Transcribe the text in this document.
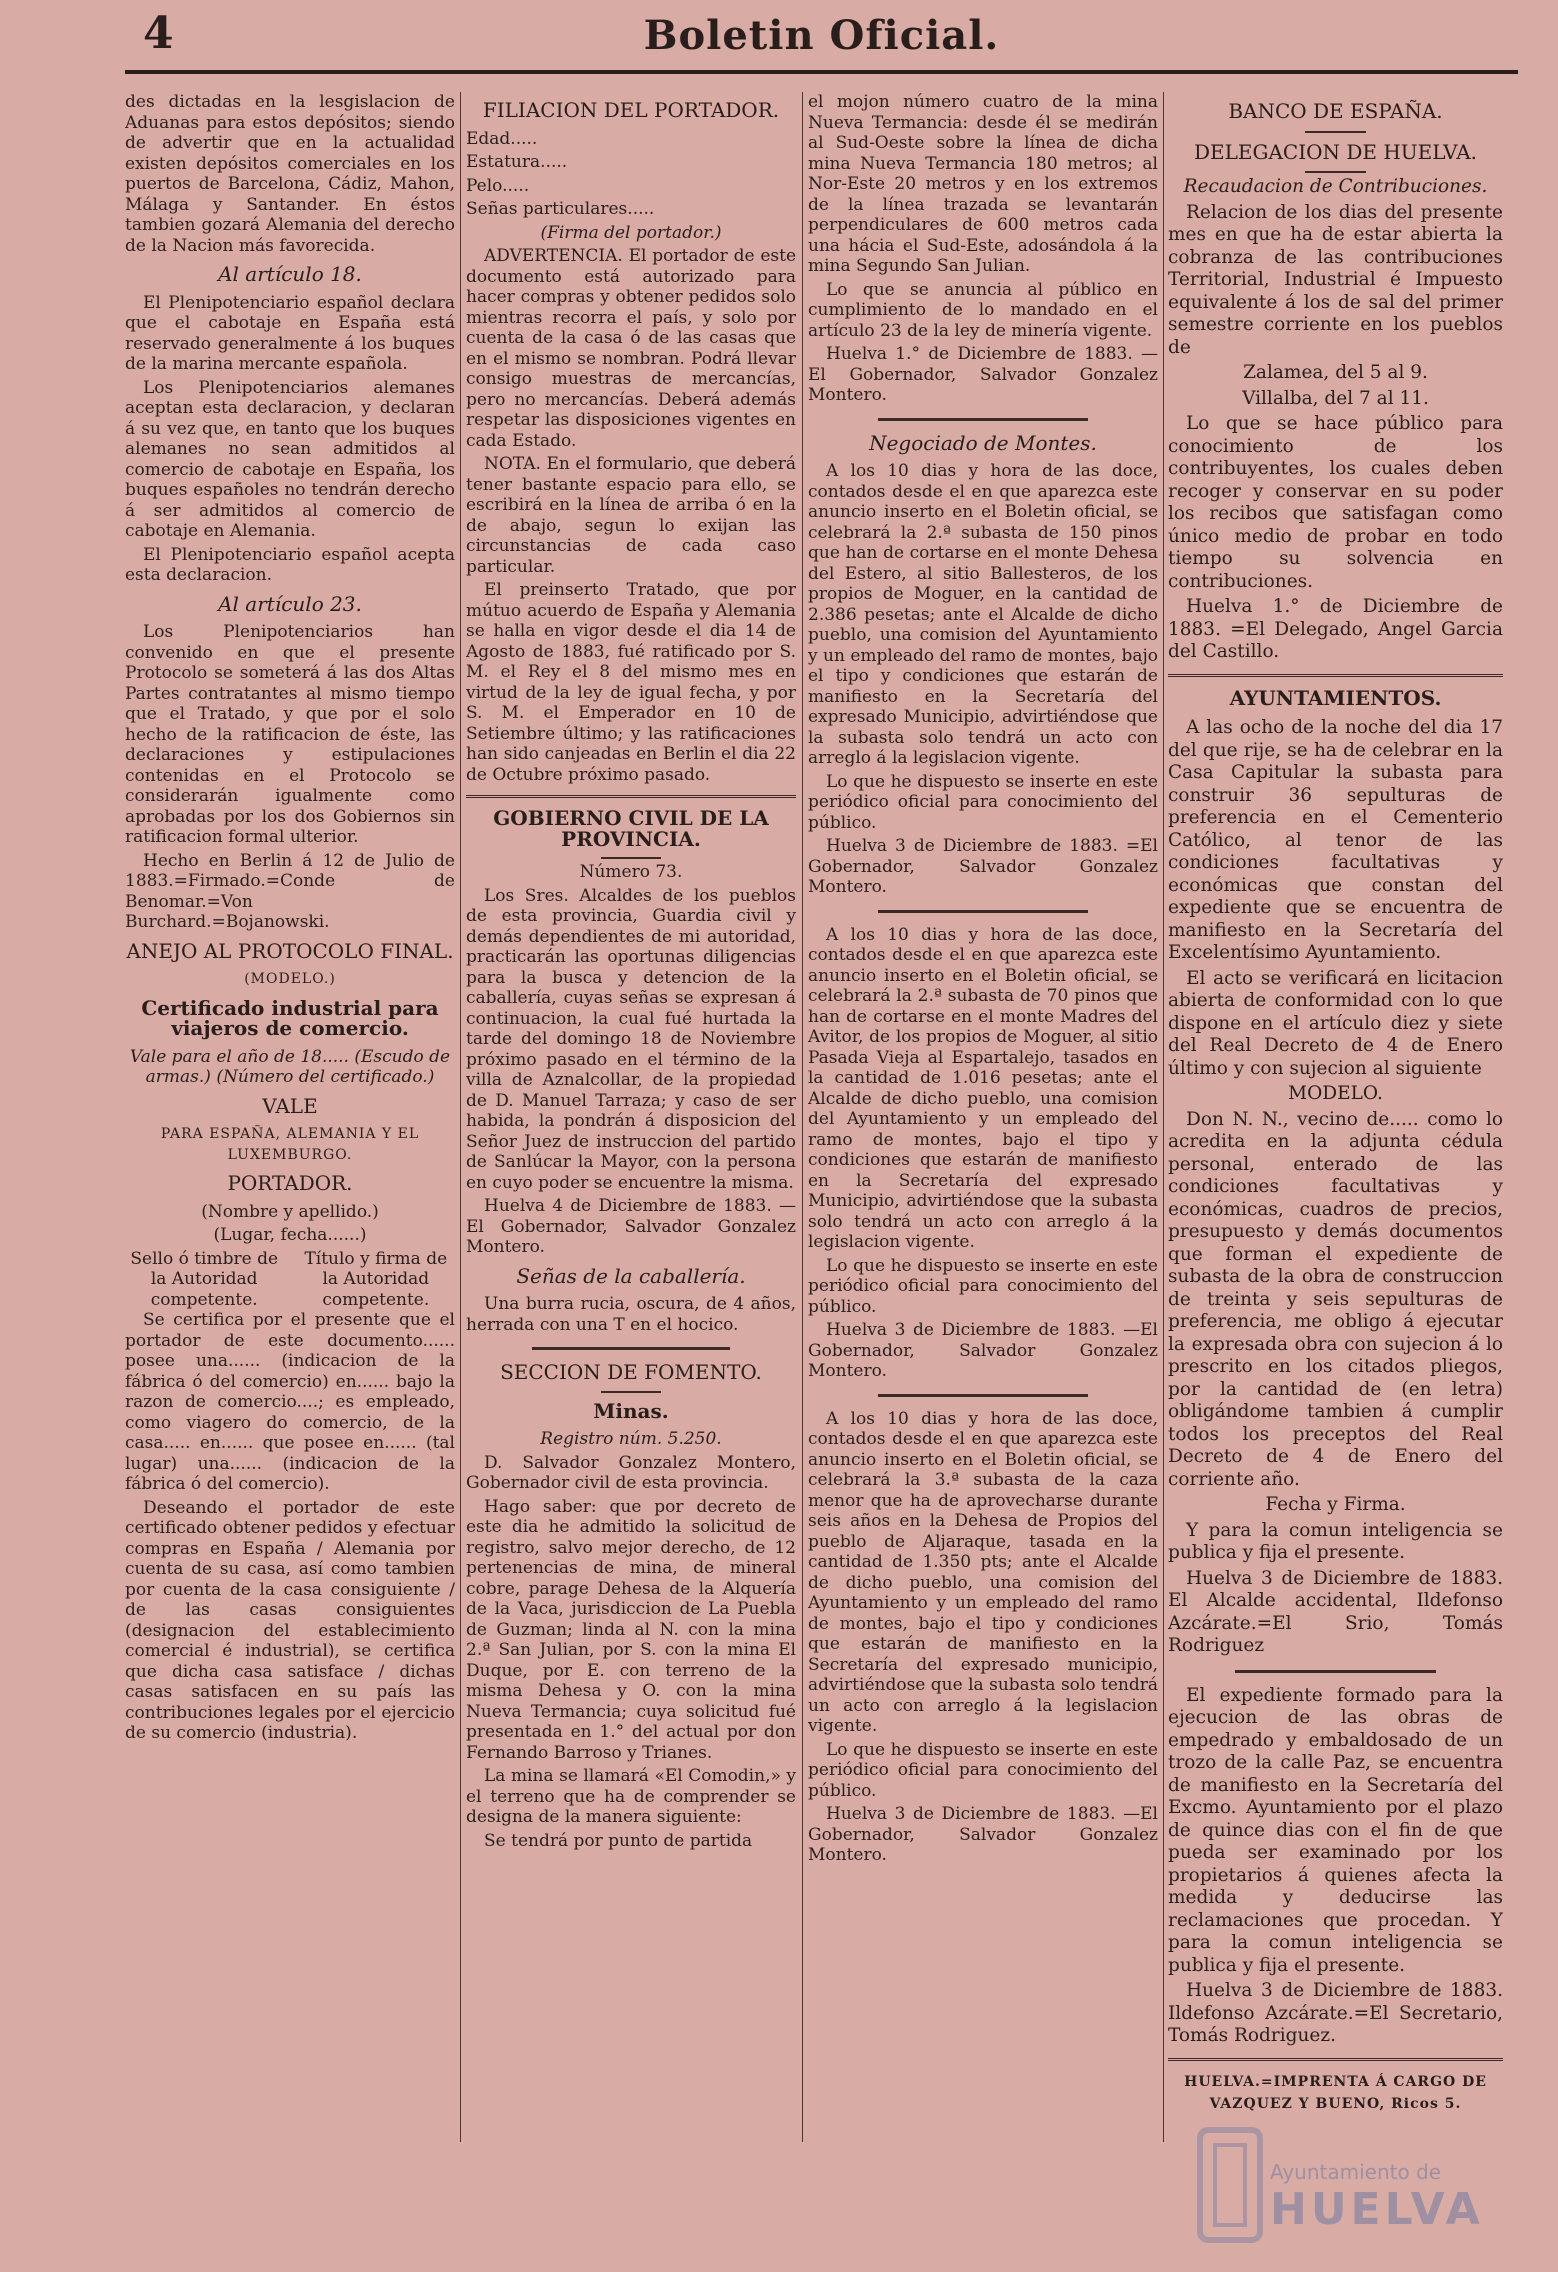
4	Boletin Oficial.

des dictadas en la lesgislacion de Aduanas para estos depósitos; siendo de advertir que en la actualidad existen depósitos comerciales en los puertos de Barcelona, Cádiz, Mahon, Málaga y Santander. En éstos tambien gozará Alemania del derecho de la Nacion más favorecida.

Al artículo 18.

El Plenipotenciario español declara que el cabotaje en España está reservado generalmente á los buques de la marina mercante española.

Los Plenipotenciarios alemanes aceptan esta declaracion, y declaran á su vez que, en tanto que los buques alemanes no sean admitidos al comercio de cabotaje en España, los buques españoles no tendrán derecho á ser admitidos al comercio de cabotaje en Alemania.

El Plenipotenciario español acepta esta declaracion.

Al artículo 23.

Los Plenipotenciarios han convenido en que el presente Protocolo se someterá á las dos Altas Partes contratantes al mismo tiempo que el Tratado, y que por el solo hecho de la ratificacion de éste, las declaraciones y estipulaciones contenidas en el Protocolo se considerarán igualmente como aprobadas por los dos Gobiernos sin ratificacion formal ulterior.

Hecho en Berlin á 12 de Julio de 1883.=Firmado.=Conde de Benomar.=Von Burchard.=Bojanowski.

ANEJO AL PROTOCOLO FINAL.

(MODELO.)

Certificado industrial para viajeros de comercio.

Vale para el año de 18..... (Escudo de armas.) (Número del certificado.)

VALE

PARA ESPAÑA, ALEMANIA Y EL LUXEMBURGO.

PORTADOR.

(Nombre y apellido.)

(Lugar, fecha......)

Sello ó timbre de la Autoridad competente.
Título y firma de la Autoridad competente.

Se certifica por el presente que el portador de este documento...... posee una...... (indicacion de la fábrica ó del comercio) en...... bajo la razon de comercio....; es empleado, como viagero do comercio, de la casa..... en...... que posee en...... (tal lugar) una...... (indicacion de la fábrica ó del comercio).

Deseando el portador de este certificado obtener pedidos y efectuar compras en España / Alemania por cuenta de su casa, así como tambien por cuenta de la casa consiguiente / de las casas consiguientes (designacion del establecimiento comercial é industrial), se certifica que dicha casa satisface / dichas casas satisfacen en su país las contribuciones legales por el ejercicio de su comercio (industria).

FILIACION DEL PORTADOR.

Edad.....

Estatura.....

Pelo.....

Señas particulares.....

(Firma del portador.)

ADVERTENCIA. El portador de este documento está autorizado para hacer compras y obtener pedidos solo mientras recorra el país, y solo por cuenta de la casa ó de las casas que en el mismo se nombran. Podrá llevar consigo muestras de mercancías, pero no mercancías. Deberá además respetar las disposiciones vigentes en cada Estado.

NOTA. En el formulario, que deberá tener bastante espacio para ello, se escribirá en la línea de arriba ó en la de abajo, segun lo exijan las circunstancias de cada caso particular.

El preinserto Tratado, que por mútuo acuerdo de España y Alemania se halla en vigor desde el dia 14 de Agosto de 1883, fué ratificado por S. M. el Rey el 8 del mismo mes en virtud de la ley de igual fecha, y por S. M. el Emperador en 10 de Setiembre último; y las ratificaciones han sido canjeadas en Berlin el dia 22 de Octubre próximo pasado.

GOBIERNO CIVIL DE LA PROVINCIA.

Número 73.

Los Sres. Alcaldes de los pueblos de esta provincia, Guardia civil y demás dependientes de mi autoridad, practicarán las oportunas diligencias para la busca y detencion de la caballería, cuyas señas se expresan á continuacion, la cual fué hurtada la tarde del domingo 18 de Noviembre próximo pasado en el término de la villa de Aznalcollar, de la propiedad de D. Manuel Tarraza; y caso de ser habida, la pondrán á disposicion del Señor Juez de instruccion del partido de Sanlúcar la Mayor, con la persona en cuyo poder se encuentre la misma.

Huelva 4 de Diciembre de 1883. —El Gobernador, Salvador Gonzalez Montero.

Señas de la caballería.

Una burra rucia, oscura, de 4 años, herrada con una T en el hocico.

SECCION DE FOMENTO.

Minas.

Registro núm. 5.250.

D. Salvador Gonzalez Montero, Gobernador civil de esta provincia.

Hago saber: que por decreto de este dia he admitido la solicitud de registro, salvo mejor derecho, de 12 pertenencias de mina, de mineral cobre, parage Dehesa de la Alquería de la Vaca, jurisdiccion de La Puebla de Guzman; linda al N. con la mina 2.ª San Julian, por S. con la mina El Duque, por E. con terreno de la misma Dehesa y O. con la mina Nueva Termancia; cuya solicitud fué presentada en 1.° del actual por don Fernando Barroso y Trianes.

La mina se llamará «El Comodin,» y el terreno que ha de comprender se designa de la manera siguiente:

Se tendrá por punto de partida

el mojon número cuatro de la mina Nueva Termancia: desde él se medirán al Sud-Oeste sobre la línea de dicha mina Nueva Termancia 180 metros; al Nor-Este 20 metros y en los extremos de la línea trazada se levantarán perpendiculares de 600 metros cada una hácia el Sud-Este, adosándola á la mina Segundo San Julian.

Lo que se anuncia al público en cumplimiento de lo mandado en el artículo 23 de la ley de minería vigente.

Huelva 1.° de Diciembre de 1883. —El Gobernador, Salvador Gonzalez Montero.

Negociado de Montes.

A los 10 dias y hora de las doce, contados desde el en que aparezca este anuncio inserto en el Boletin oficial, se celebrará la 2.ª subasta de 150 pinos que han de cortarse en el monte Dehesa del Estero, al sitio Ballesteros, de los propios de Moguer, en la cantidad de 2.386 pesetas; ante el Alcalde de dicho pueblo, una comision del Ayuntamiento y un empleado del ramo de montes, bajo el tipo y condiciones que estarán de manifiesto en la Secretaría del expresado Municipio, advirtiéndose que la subasta solo tendrá un acto con arreglo á la legislacion vigente.

Lo que he dispuesto se inserte en este periódico oficial para conocimiento del público.

Huelva 3 de Diciembre de 1883. =El Gobernador, Salvador Gonzalez Montero.

A los 10 dias y hora de las doce, contados desde el en que aparezca este anuncio inserto en el Boletin oficial, se celebrará la 2.ª subasta de 70 pinos que han de cortarse en el monte Madres del Avitor, de los propios de Moguer, al sitio Pasada Vieja al Espartalejo, tasados en la cantidad de 1.016 pesetas; ante el Alcalde de dicho pueblo, una comision del Ayuntamiento y un empleado del ramo de montes, bajo el tipo y condiciones que estarán de manifiesto en la Secretaría del expresado Municipio, advirtiéndose que la subasta solo tendrá un acto con arreglo á la legislacion vigente.

Lo que he dispuesto se inserte en este periódico oficial para conocimiento del público.

Huelva 3 de Diciembre de 1883. —El Gobernador, Salvador Gonzalez Montero.

A los 10 dias y hora de las doce, contados desde el en que aparezca este anuncio inserto en el Boletin oficial, se celebrará la 3.ª subasta de la caza menor que ha de aprovecharse durante seis años en la Dehesa de Propios del pueblo de Aljaraque, tasada en la cantidad de 1.350 pts; ante el Alcalde de dicho pueblo, una comision del Ayuntamiento y un empleado del ramo de montes, bajo el tipo y condiciones que estarán de manifiesto en la Secretaría del expresado municipio, advirtiéndose que la subasta solo tendrá un acto con arreglo á la legislacion vigente.

Lo que he dispuesto se inserte en este periódico oficial para conocimiento del público.

Huelva 3 de Diciembre de 1883. —El Gobernador, Salvador Gonzalez Montero.

BANCO DE ESPAÑA.

DELEGACION DE HUELVA.

Recaudacion de Contribuciones.

Relacion de los dias del presente mes en que ha de estar abierta la cobranza de las contribuciones Territorial, Industrial é Impuesto equivalente á los de sal del primer semestre corriente en los pueblos de

Zalamea, del 5 al 9.

Villalba, del 7 al 11.

Lo que se hace público para conocimiento de los contribuyentes, los cuales deben recoger y conservar en su poder los recibos que satisfagan como único medio de probar en todo tiempo su solvencia en contribuciones.

Huelva 1.° de Diciembre de 1883. =El Delegado, Angel Garcia del Castillo.

AYUNTAMIENTOS.

A las ocho de la noche del dia 17 del que rije, se ha de celebrar en la Casa Capitular la subasta para construir 36 sepulturas de preferencia en el Cementerio Católico, al tenor de las condiciones facultativas y económicas que constan del expediente que se encuentra de manifiesto en la Secretaría del Excelentísimo Ayuntamiento.

El acto se verificará en licitacion abierta de conformidad con lo que dispone en el artículo diez y siete del Real Decreto de 4 de Enero último y con sujecion al siguiente

MODELO.

Don N. N., vecino de..... como lo acredita en la adjunta cédula personal, enterado de las condiciones facultativas y económicas, cuadros de precios, presupuesto y demás documentos que forman el expediente de subasta de la obra de construccion de treinta y seis sepulturas de preferencia, me obligo á ejecutar la expresada obra con sujecion á lo prescrito en los citados pliegos, por la cantidad de (en letra) obligándome tambien á cumplir todos los preceptos del Real Decreto de 4 de Enero del corriente año.

Fecha y Firma.

Y para la comun inteligencia se publica y fija el presente.

Huelva 3 de Diciembre de 1883. El Alcalde accidental, Ildefonso Azcárate.=El Srio, Tomás Rodriguez

El expediente formado para la ejecucion de las obras de empedrado y embaldosado de un trozo de la calle Paz, se encuentra de manifiesto en la Secretaría del Excmo. Ayuntamiento por el plazo de quince dias con el fin de que pueda ser examinado por los propietarios á quienes afecta la medida y deducirse las reclamaciones que procedan. Y para la comun inteligencia se publica y fija el presente.

Huelva 3 de Diciembre de 1883. Ildefonso Azcárate.=El Secretario, Tomás Rodriguez.

HUELVA.=IMPRENTA Á CARGO DE VAZQUEZ Y BUENO, Ricos 5.

Ayuntamiento de
HUELVA
